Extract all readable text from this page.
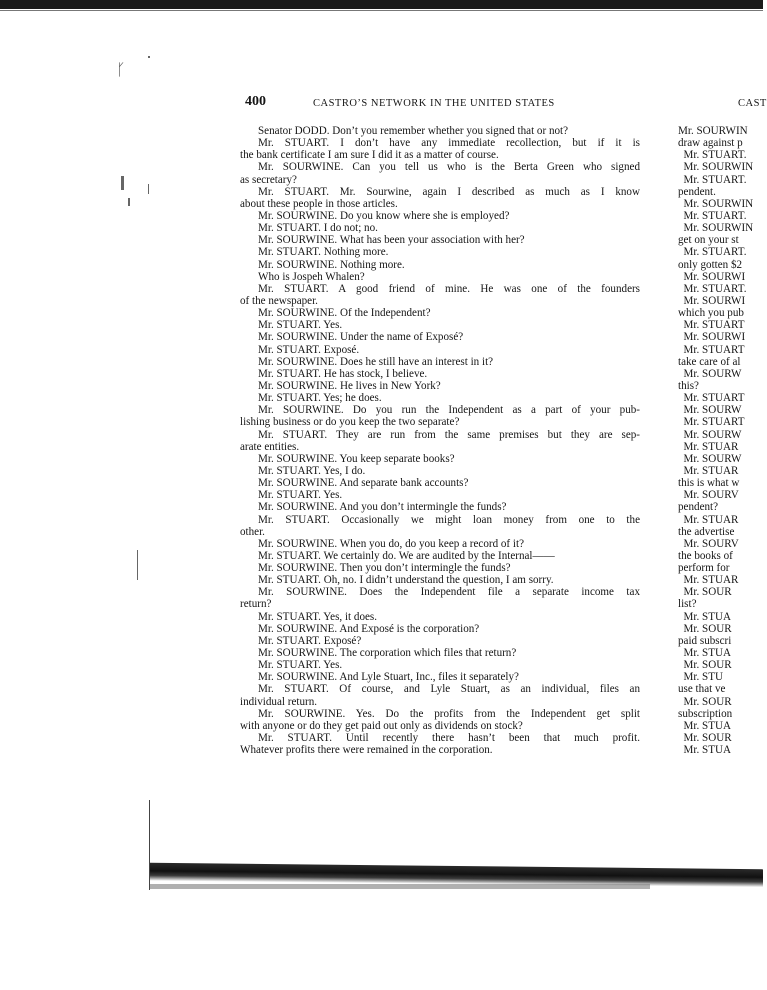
ᚴ
400	CASTRO’S NETWORK IN THE UNITED STATES	CAST
Senator DODD. Don’t you remember whether you signed that or not?
Mr. STUART. I don’t have any immediate recollection, but if it is
the bank certificate I am sure I did it as a matter of course.
Mr. SOURWINE. Can you tell us who is the Berta Green who signed
as secretary?
Mr. STUART. Mr. Sourwine, again I described as much as I know
about these people in those articles.
Mr. SOURWINE. Do you know where she is employed?
Mr. STUART. I do not; no.
Mr. SOURWINE. What has been your association with her?
Mr. STUART. Nothing more.
Mr. SOURWINE. Nothing more.
Who is Jospeh Whalen?
Mr. STUART. A good friend of mine. He was one of the founders
of the newspaper.
Mr. SOURWINE. Of the Independent?
Mr. STUART. Yes.
Mr. SOURWINE. Under the name of Exposé?
Mr. STUART. Exposé.
Mr. SOURWINE. Does he still have an interest in it?
Mr. STUART. He has stock, I believe.
Mr. SOURWINE. He lives in New York?
Mr. STUART. Yes; he does.
Mr. SOURWINE. Do you run the Independent as a part of your pub-
lishing business or do you keep the two separate?
Mr. STUART. They are run from the same premises but they are sep-
arate entities.
Mr. SOURWINE. You keep separate books?
Mr. STUART. Yes, I do.
Mr. SOURWINE. And separate bank accounts?
Mr. STUART. Yes.
Mr. SOURWINE. And you don’t intermingle the funds?
Mr. STUART. Occasionally we might loan money from one to the
other.
Mr. SOURWINE. When you do, do you keep a record of it?
Mr. STUART. We certainly do. We are audited by the Internal——
Mr. SOURWINE. Then you don’t intermingle the funds?
Mr. STUART. Oh, no. I didn’t understand the question, I am sorry.
Mr. SOURWINE. Does the Independent file a separate income tax
return?
Mr. STUART. Yes, it does.
Mr. SOURWINE. And Exposé is the corporation?
Mr. STUART. Exposé?
Mr. SOURWINE. The corporation which files that return?
Mr. STUART. Yes.
Mr. SOURWINE. And Lyle Stuart, Inc., files it separately?
Mr. STUART. Of course, and Lyle Stuart, as an individual, files an
individual return.
Mr. SOURWINE. Yes. Do the profits from the Independent get split
with anyone or do they get paid out only as dividends on stock?
Mr. STUART. Until recently there hasn’t been that much profit.
Whatever profits there were remained in the corporation.
Mr. SOURWIN
draw against p
Mr. STUART.
Mr. SOURWIN
Mr. STUART.
pendent.
Mr. SOURWIN
Mr. STUART.
Mr. SOURWIN
get on your st
Mr. STUART.
only gotten $2
Mr. SOURWI
Mr. STUART.
Mr. SOURWI
which you pub
Mr. STUART
Mr. SOURWI
Mr. STUART
take care of al
Mr. SOURW
this?
Mr. STUART
Mr. SOURW
Mr. STUART
Mr. SOURW
Mr. STUAR
Mr. SOURW
Mr. STUAR
this is what w
Mr. SOURV
pendent?
Mr. STUAR
the advertise
Mr. SOURV
the books of
perform for
Mr. STUAR
Mr. SOUR
list?
Mr. STUA
Mr. SOUR
paid subscri
Mr. STUA
Mr. SOUR
Mr. STU
use that ve
Mr. SOUR
subscription
Mr. STUA
Mr. SOUR
Mr. STUA
